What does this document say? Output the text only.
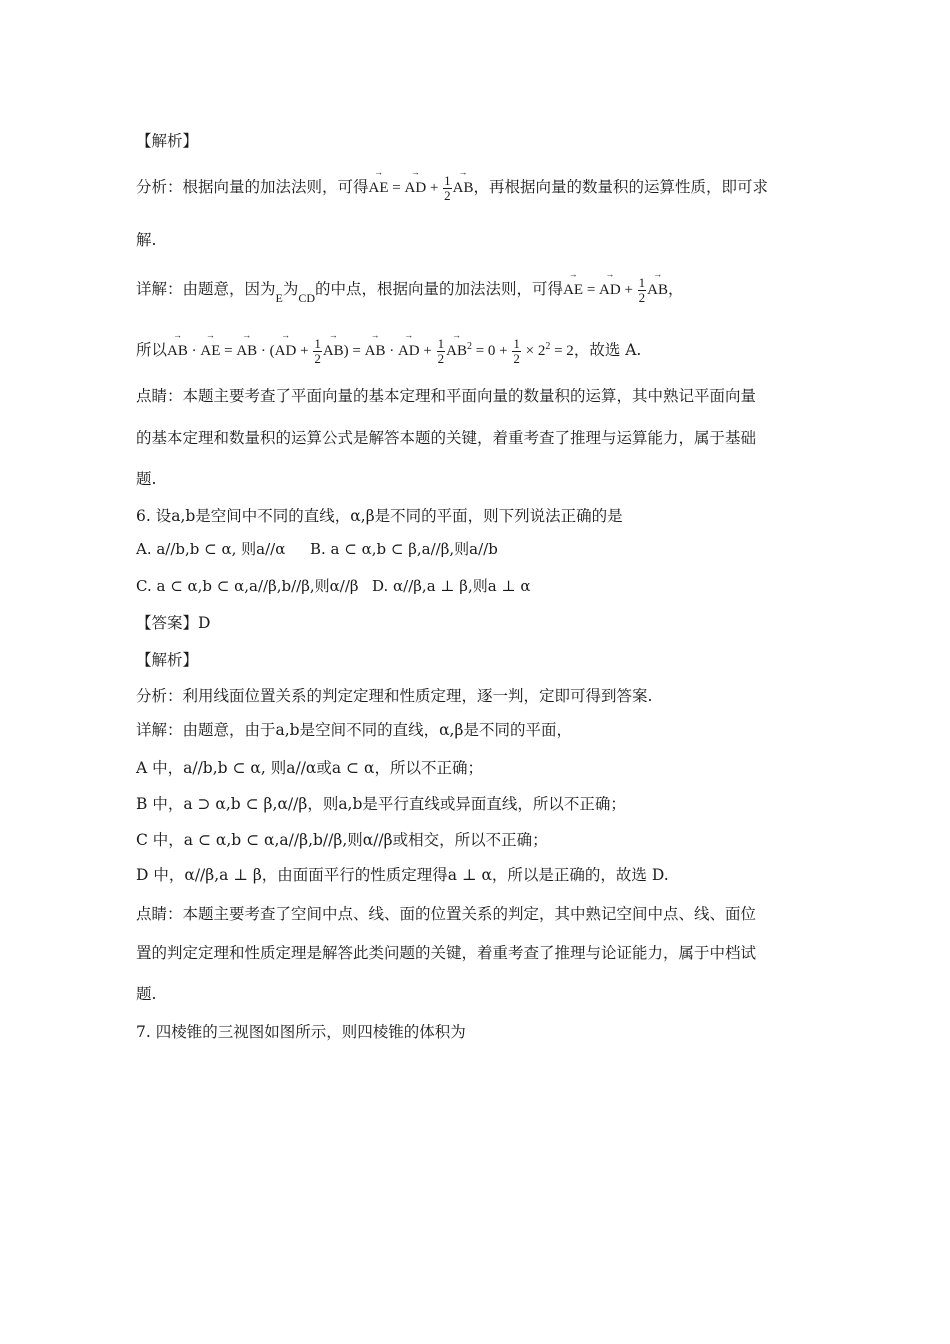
【解析】
分析：根据向量的加法法则，可得→ AE = → AD + $\frac{1}{2}$
→ AB，再根据向量的数量积的运算性质，即可求
解.
详解：由题意，因为$_E$为$_{CD}$的中点，根据向量的加法法则，可得→ AE = → AD + $\frac{1}{2}$
→ AB，
所以→ AB · → AE = → AB · (→ AD + $\frac{1}{2}$
→ AB) = → AB · → AD + $\frac{1}{2}$
→ $AB^2 = 0 + \frac{1}{2} \times 2^2 = 2$，故选 A.
点睛：本题主要考查了平面向量的基本定理和平面向量的数量积的运算，其中熟记平面向量
的基本定理和数量积的运算公式是解答本题的关键，着重考查了推理与运算能力，属于基础
题.
6. 设a,b是空间中不同的直线，α,β是不同的平面，则下列说法正确的是
A. a//b,b ⊂ α, 则a//α B. a ⊂ α,b ⊂ β,a//β,则a//b
C. a ⊂ α,b ⊂ α,a//β,b//β,则α//β D. α//β,a ⊥ β,则a ⊥ α
【答案】D
【解析】
分析：利用线面位置关系的判定定理和性质定理，逐一判，定即可得到答案.
详解：由题意，由于a,b是空间不同的直线，α,β是不同的平面，
A 中，a//b,b ⊂ α, 则a//α或a ⊂ α，所以不正确；
B 中，a ⊃ α,b ⊂ β,α//β，则a,b是平行直线或异面直线，所以不正确；
C 中，a ⊂ α,b ⊂ α,a//β,b//β,则α//β或相交，所以不正确；
D 中，α//β,a ⊥ β，由面面平行的性质定理得a ⊥ α，所以是正确的，故选 D.
点睛：本题主要考查了空间中点、线、面的位置关系的判定，其中熟记空间中点、线、面位
置的判定定理和性质定理是解答此类问题的关键，着重考查了推理与论证能力，属于中档试
题.
7. 四棱锥的三视图如图所示，则四棱锥的体积为
